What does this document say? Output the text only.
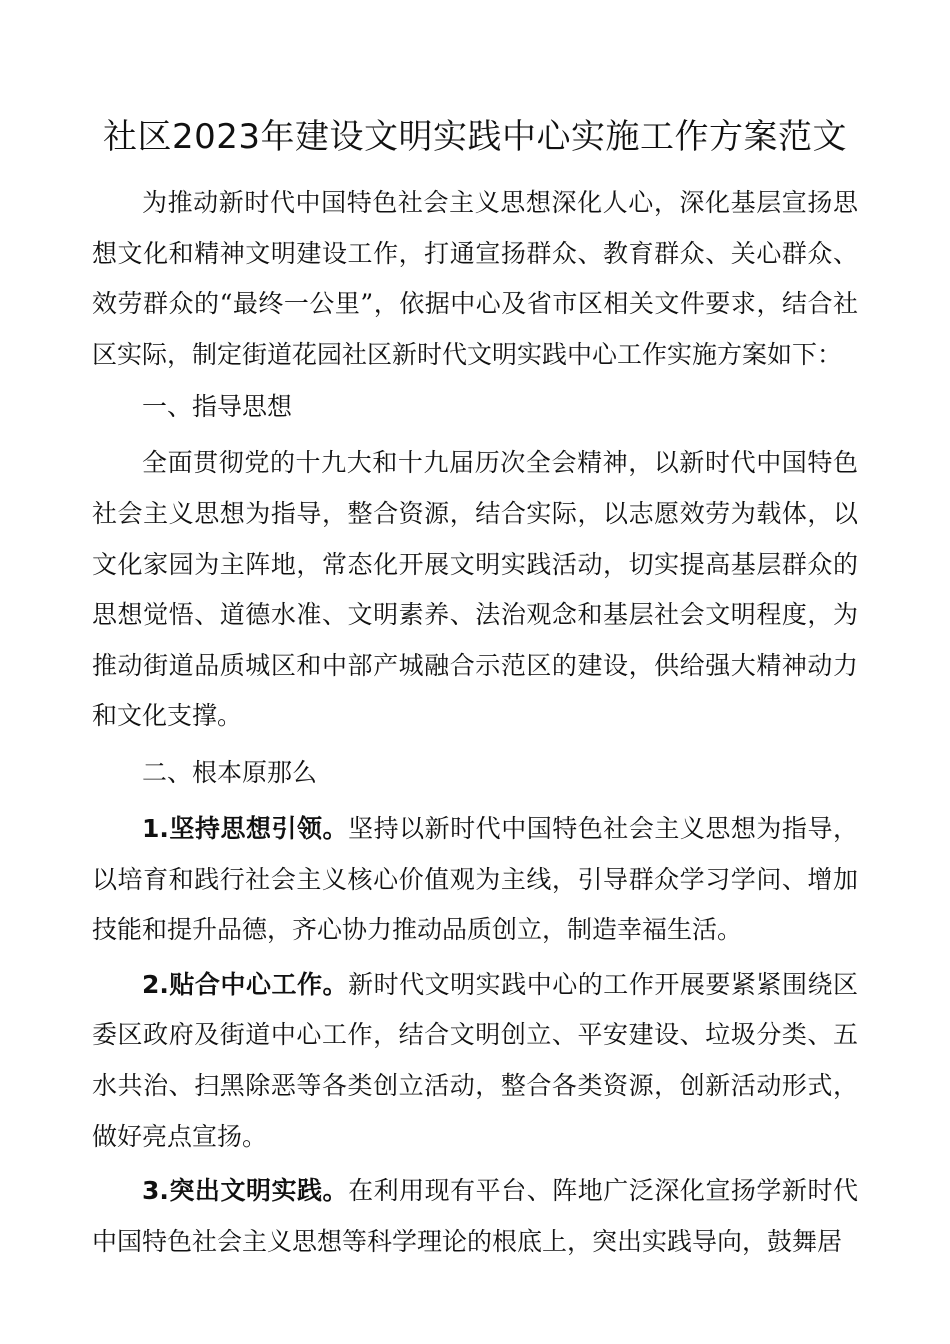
社区2023年建设文明实践中心实施工作方案范文

为推动新时代中国特色社会主义思想深化人心，深化基层宣扬思想文化和精神文明建设工作，打通宣扬群众、教育群众、关心群众、效劳群众的“最终一公里”，依据中心及省市区相关文件要求，结合社区实际，制定街道花园社区新时代文明实践中心工作实施方案如下：

一、指导思想

全面贯彻党的十九大和十九届历次全会精神，以新时代中国特色社会主义思想为指导，整合资源，结合实际，以志愿效劳为载体，以文化家园为主阵地，常态化开展文明实践活动，切实提高基层群众的思想觉悟、道德水准、文明素养、法治观念和基层社会文明程度，为推动街道品质城区和中部产城融合示范区的建设，供给强大精神动力和文化支撑。

二、根本原那么

1.坚持思想引领。坚持以新时代中国特色社会主义思想为指导，以培育和践行社会主义核心价值观为主线，引导群众学习学问、增加技能和提升品德，齐心协力推动品质创立，制造幸福生活。

2.贴合中心工作。新时代文明实践中心的工作开展要紧紧围绕区委区政府及街道中心工作，结合文明创立、平安建设、垃圾分类、五水共治、扫黑除恶等各类创立活动，整合各类资源，创新活动形式，做好亮点宣扬。

3.突出文明实践。在利用现有平台、阵地广泛深化宣扬学新时代中国特色社会主义思想等科学理论的根底上，突出实践导向，鼓舞居
